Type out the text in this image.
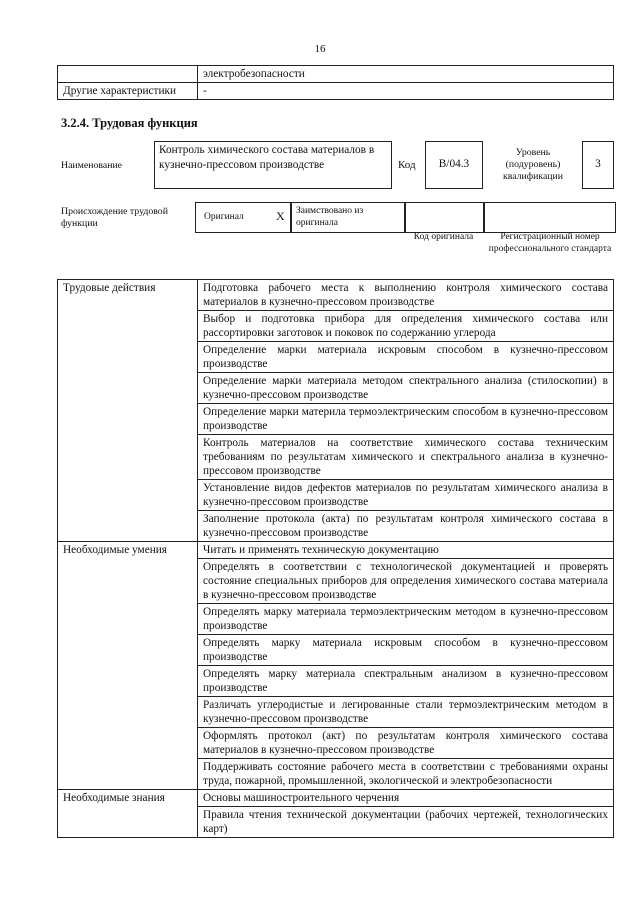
16
	электробезопасности
Другие характеристики	-
3.2.4. Трудовая функция
Наименование
Контроль химического состава материалов в кузнечно-прессовом производстве	Код	В/04.3
Уровень (подуровень) квалификации
3
Происхождение трудовой функции
Оригинал	X	Заимствовано из оригинала
Код оригинала	Регистрационный номер профессионального стандарта
Трудовые действия	Подготовка рабочего места к выполнению контроля химического состава материалов в кузнечно-прессовом производстве
	Выбор и подготовка прибора для определения химического состава или рассортировки заготовок и поковок по содержанию углерода
	Определение марки материала искровым способом в кузнечно-прессовом производстве
	Определение марки материала методом спектрального анализа (стилоскопии) в кузнечно-прессовом производстве
	Определение марки материла термоэлектрическим способом в кузнечно-прессовом производстве
	Контроль материалов на соответствие химического состава техническим требованиям по результатам химического и спектрального анализа в кузнечно-прессовом производстве
	Установление видов дефектов материалов по результатам химического анализа в кузнечно-прессовом производстве
	Заполнение протокола (акта) по результатам контроля химического состава в кузнечно-прессовом производстве
Необходимые умения	Читать и применять техническую документацию
	Определять в соответствии с технологической документацией и проверять состояние специальных приборов для определения химического состава материала в кузнечно-прессовом производстве
	Определять марку материала термоэлектрическим методом в кузнечно-прессовом производстве
	Определять марку материала искровым способом в кузнечно-прессовом производстве
	Определять марку материала спектральным анализом в кузнечно-прессовом производстве
	Различать углеродистые и легированные стали термоэлектрическим методом в кузнечно-прессовом производстве
	Оформлять протокол (акт) по результатам контроля химического состава материалов в кузнечно-прессовом производстве
	Поддерживать состояние рабочего места в соответствии с требованиями охраны труда, пожарной, промышленной, экологической и электробезопасности
Необходимые знания	Основы машиностроительного черчения
	Правила чтения технической документации (рабочих чертежей, технологических карт)
